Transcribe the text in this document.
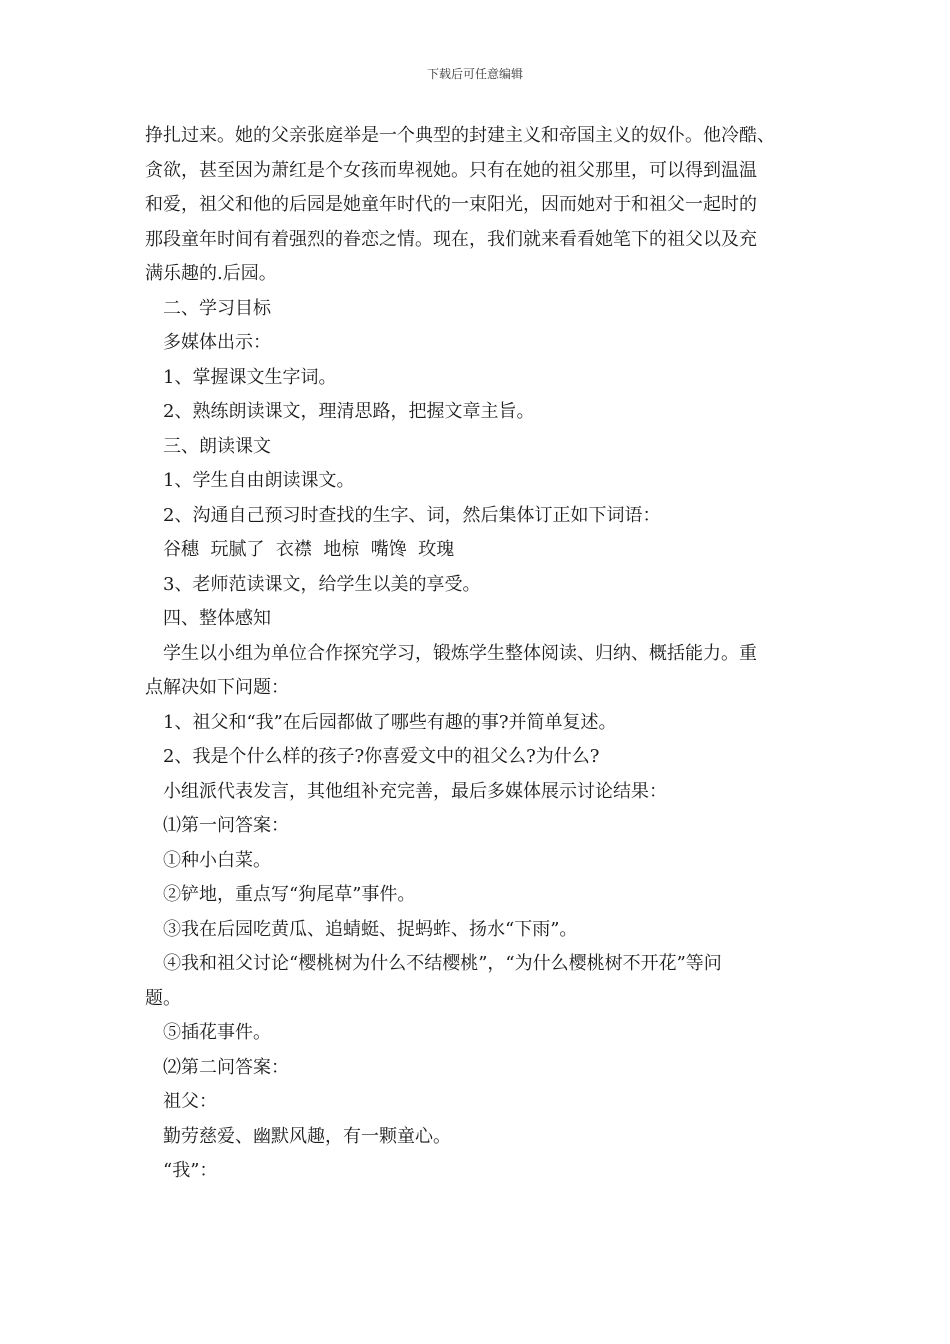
下载后可任意编辑

挣扎过来。她的父亲张庭举是一个典型的封建主义和帝国主义的奴仆。他冷酷、

贪欲，甚至因为萧红是个女孩而卑视她。只有在她的祖父那里，可以得到温温

和爱，祖父和他的后园是她童年时代的一束阳光，因而她对于和祖父一起时的

那段童年时间有着强烈的眷恋之情。现在，我们就来看看她笔下的祖父以及充

满乐趣的.后园。

二、学习目标

多媒体出示：

1、掌握课文生字词。

2、熟练朗读课文，理清思路，把握文章主旨。

三、朗读课文

1、学生自由朗读课文。

2、沟通自己预习时查找的生字、词，然后集体订正如下词语：

谷穗  玩腻了  衣襟  地椋  嘴馋  玫瑰

3、老师范读课文，给学生以美的享受。

四、整体感知

学生以小组为单位合作探究学习，锻炼学生整体阅读、归纳、概括能力。重

点解决如下问题：

1、祖父和“我”在后园都做了哪些有趣的事?并简单复述。

2、我是个什么样的孩子?你喜爱文中的祖父么?为什么?

小组派代表发言，其他组补充完善，最后多媒体展示讨论结果：

⑴第一问答案：

①种小白菜。

②铲地，重点写“狗尾草”事件。

③我在后园吃黄瓜、追蜻蜓、捉蚂蚱、扬水“下雨”。

④我和祖父讨论“樱桃树为什么不结樱桃”，“为什么樱桃树不开花”等问

题。

⑤插花事件。

⑵第二问答案：

祖父：

勤劳慈爱、幽默风趣，有一颗童心。

“我”：
